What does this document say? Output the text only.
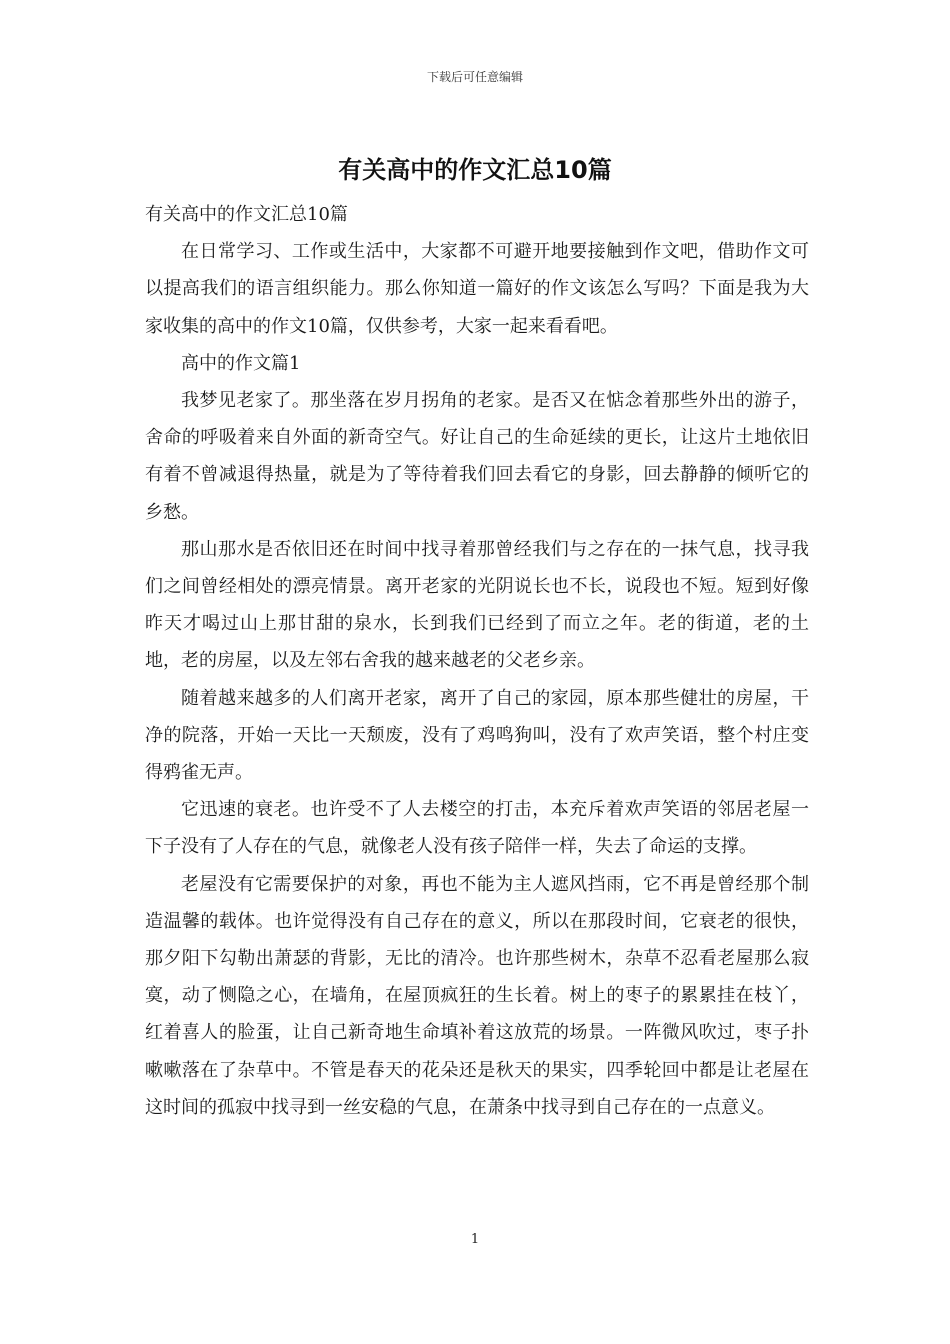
下载后可任意编辑
有关高中的作文汇总10篇

有关高中的作文汇总10篇

在日常学习、工作或生活中，大家都不可避开地要接触到作文吧，借助作文可以提高我们的语言组织能力。那么你知道一篇好的作文该怎么写吗？下面是我为大家收集的高中的作文10篇，仅供参考，大家一起来看看吧。

高中的作文篇1

我梦见老家了。那坐落在岁月拐角的老家。是否又在惦念着那些外出的游子，舍命的呼吸着来自外面的新奇空气。好让自己的生命延续的更长，让这片土地依旧有着不曾减退得热量，就是为了等待着我们回去看它的身影，回去静静的倾听它的乡愁。

那山那水是否依旧还在时间中找寻着那曾经我们与之存在的一抹气息，找寻我们之间曾经相处的漂亮情景。离开老家的光阴说长也不长，说段也不短。短到好像昨天才喝过山上那甘甜的泉水，长到我们已经到了而立之年。老的街道，老的土地，老的房屋，以及左邻右舍我的越来越老的父老乡亲。

随着越来越多的人们离开老家，离开了自己的家园，原本那些健壮的房屋，干净的院落，开始一天比一天颓废，没有了鸡鸣狗叫，没有了欢声笑语，整个村庄变得鸦雀无声。

它迅速的衰老。也许受不了人去楼空的打击，本充斥着欢声笑语的邻居老屋一下子没有了人存在的气息，就像老人没有孩子陪伴一样，失去了命运的支撑。

老屋没有它需要保护的对象，再也不能为主人遮风挡雨，它不再是曾经那个制造温馨的载体。也许觉得没有自己存在的意义，所以在那段时间，它衰老的很快，那夕阳下勾勒出萧瑟的背影，无比的清冷。也许那些树木，杂草不忍看老屋那么寂寞，动了恻隐之心，在墙角，在屋顶疯狂的生长着。树上的枣子的累累挂在枝丫，红着喜人的脸蛋，让自己新奇地生命填补着这放荒的场景。一阵微风吹过，枣子扑嗽嗽落在了杂草中。不管是春天的花朵还是秋天的果实，四季轮回中都是让老屋在这时间的孤寂中找寻到一丝安稳的气息，在萧条中找寻到自己存在的一点意义。

1
